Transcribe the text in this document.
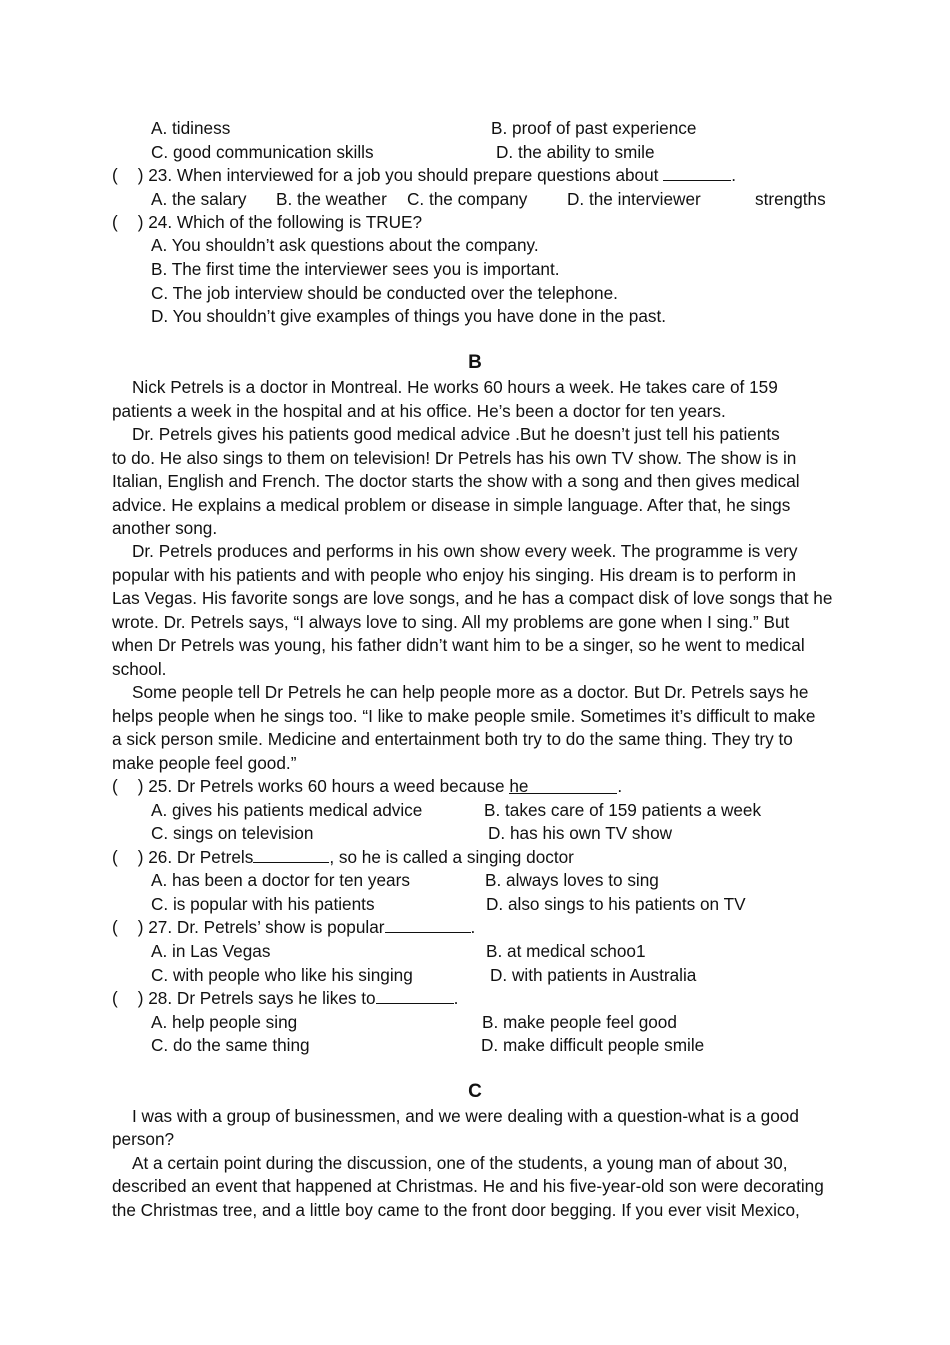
A. tidiness	B. proof of past experience
C. good communication skills	D. the ability to smile
( ) 23. When interviewed for a job you should prepare questions about	.
A. the salary B. the weather C. the company D. the interviewer	strengths
( ) 24. Which of the following is TRUE?
A. You shouldn’t ask questions about the company.
B. The first time the interviewer sees you is important.
C. The job interview should be conducted over the telephone.
D. You shouldn’t give examples of things you have done in the past.
B
Nick Petrels is a doctor in Montreal. He works 60 hours a week. He takes care of 159
patients a week in the hospital and at his office. He’s been a doctor for ten years.
Dr. Petrels gives his patients good medical advice .But he doesn’t just tell his patients
to do. He also sings to them on television! Dr Petrels has his own TV show. The show is in
Italian, English and French. The doctor starts the show with a song and then gives medical
advice. He explains a medical problem or disease in simple language. After that, he sings
another song.
Dr. Petrels produces and performs in his own show every week. The programme is very
popular with his patients and with people who enjoy his singing. His dream is to perform in
Las Vegas. His favorite songs are love songs, and he has a compact disk of love songs that he
wrote. Dr. Petrels says, “I always love to sing. All my problems are gone when I sing.” But
when Dr Petrels was young, his father didn’t want him to be a singer, so he went to medical
school.
Some people tell Dr Petrels he can help people more as a doctor. But Dr. Petrels says he
helps people when he sings too. “I like to make people smile. Sometimes it’s difficult to make
a sick person smile. Medicine and entertainment both try to do the same thing. They try to
make people feel good.”
( ) 25. Dr Petrels works 60 hours a weed because he	.
A. gives his patients medical advice	B. takes care of 159 patients a week
C. sings on television	D. has his own TV show
( ) 26. Dr Petrels	, so he is called a singing doctor
A. has been a doctor for ten years	B. always loves to sing
C. is popular with his patients	D. also sings to his patients on TV
( ) 27. Dr. Petrels’ show is popular	.
A. in Las Vegas	B. at medical schoo1
C. with people who like his singing	D. with patients in Australia
( ) 28. Dr Petrels says he likes to	.
A. help people sing	B. make people feel good
C. do the same thing	D. make difficult people smile
C
I was with a group of businessmen, and we were dealing with a question-what is a good
person?
At a certain point during the discussion, one of the students, a young man of about 30,
described an event that happened at Christmas. He and his five-year-old son were decorating
the Christmas tree, and a little boy came to the front door begging. If you ever visit Mexico,
